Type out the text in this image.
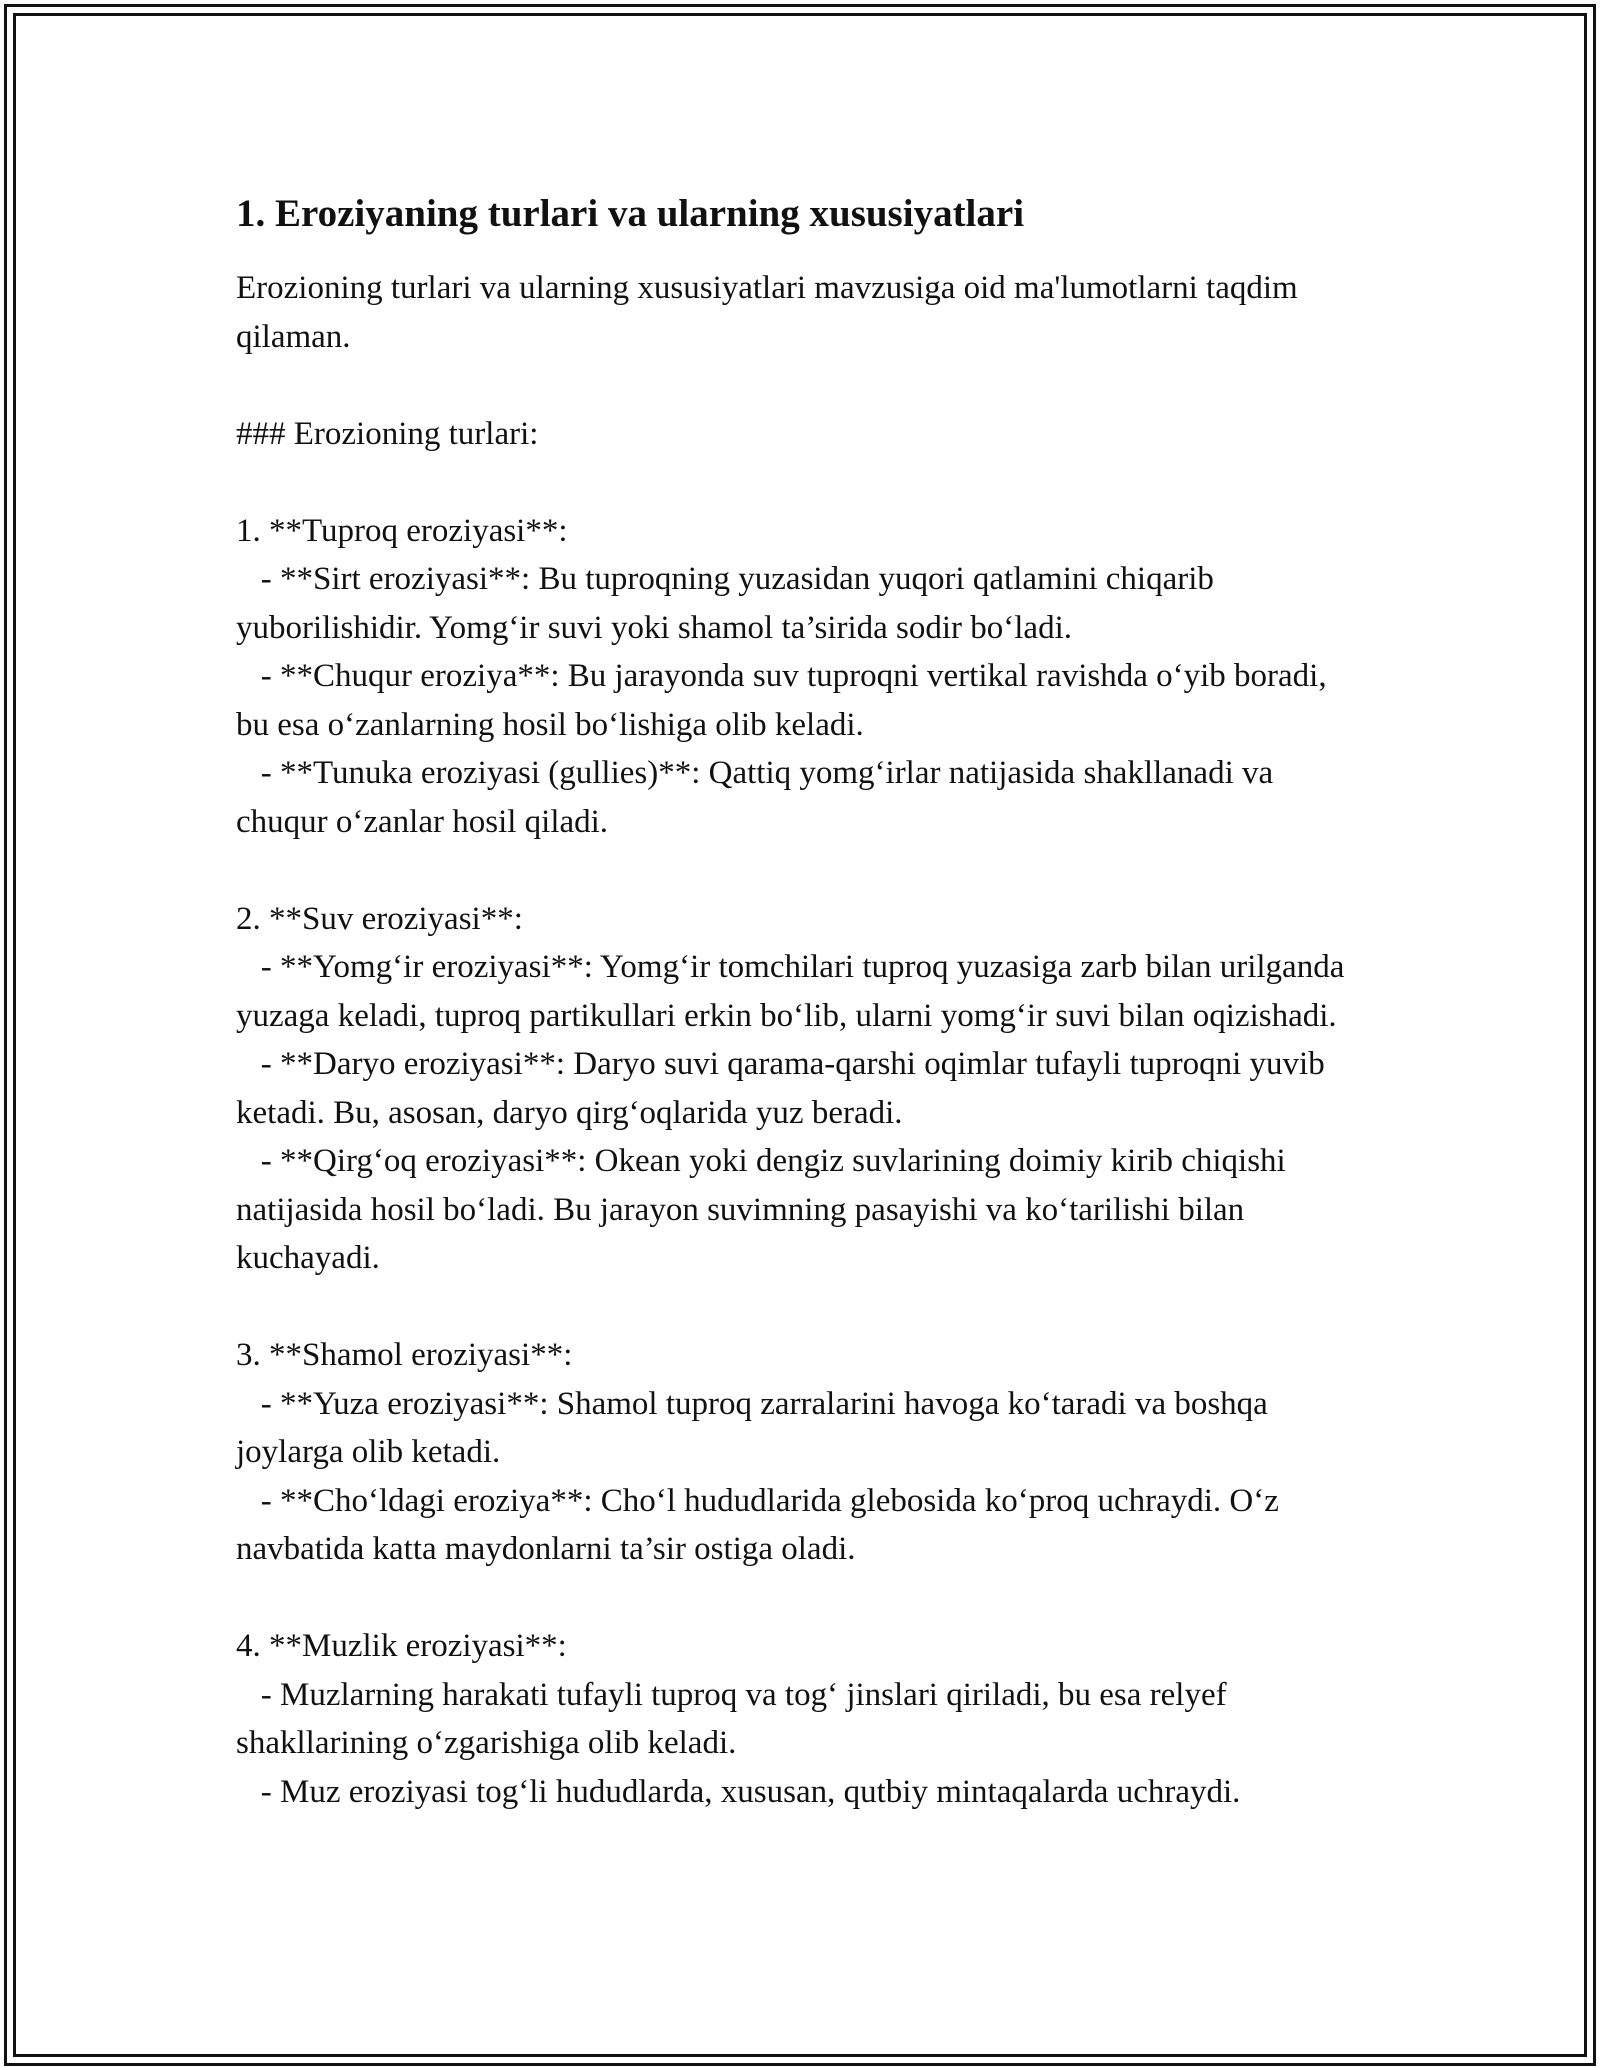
1. Eroziyaning turlari va ularning xususiyatlari

Erozioning turlari va ularning xususiyatlari mavzusiga oid ma'lumotlarni taqdim qilaman.

### Erozioning turlari:

1. **Tuproq eroziyasi**:

- **Sirt eroziyasi**: Bu tuproqning yuzasidan yuqori qatlamini chiqarib yuborilishidir. Yomg‘ir suvi yoki shamol ta’sirida sodir bo‘ladi.

- **Chuqur eroziya**: Bu jarayonda suv tuproqni vertikal ravishda o‘yib boradi, bu esa o‘zanlarning hosil bo‘lishiga olib keladi.

- **Tunuka eroziyasi (gullies)**: Qattiq yomg‘irlar natijasida shakllanadi va chuqur o‘zanlar hosil qiladi.

2. **Suv eroziyasi**:

- **Yomg‘ir eroziyasi**: Yomg‘ir tomchilari tuproq yuzasiga zarb bilan urilganda yuzaga keladi, tuproq partikullari erkin bo‘lib, ularni yomg‘ir suvi bilan oqizishadi.

- **Daryo eroziyasi**: Daryo suvi qarama-qarshi oqimlar tufayli tuproqni yuvib ketadi. Bu, asosan, daryo qirg‘oqlarida yuz beradi.

- **Qirg‘oq eroziyasi**: Okean yoki dengiz suvlarining doimiy kirib chiqishi natijasida hosil bo‘ladi. Bu jarayon suvimning pasayishi va ko‘tarilishi bilan kuchayadi.

3. **Shamol eroziyasi**:

- **Yuza eroziyasi**: Shamol tuproq zarralarini havoga ko‘taradi va boshqa joylarga olib ketadi.

- **Cho‘ldagi eroziya**: Cho‘l hududlarida glebosida ko‘proq uchraydi. O‘z navbatida katta maydonlarni ta’sir ostiga oladi.

4. **Muzlik eroziyasi**:

- Muzlarning harakati tufayli tuproq va tog‘ jinslari qiriladi, bu esa relyef shakllarining o‘zgarishiga olib keladi.

- Muz eroziyasi tog‘li hududlarda, xususan, qutbiy mintaqalarda uchraydi.
